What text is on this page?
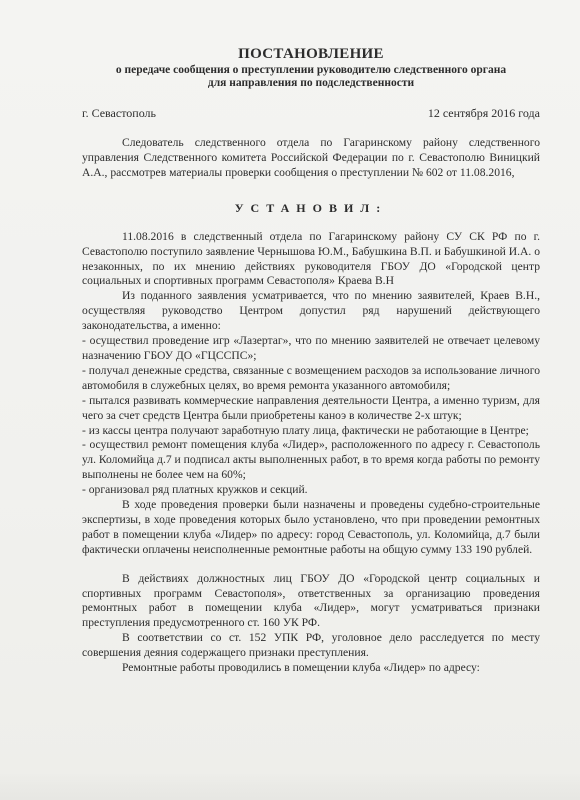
ПОСТАНОВЛЕНИЕ
о передаче сообщения о преступлении руководителю следственного органа
для направления по подследственности
г. Севастополь	12 сентября 2016 года

Следователь следственного отдела по Гагаринскому району следственного управления Следственного комитета Российской Федерации по г. Севастополю Виницкий А.А., рассмотрев материалы проверки сообщения о преступлении № 602 от 11.08.2016,

УСТАНОВИЛ:

11.08.2016 в следственный отдела по Гагаринскому району СУ СК РФ по г. Севастополю поступило заявление Чернышова Ю.М., Бабушкина В.П. и Бабушкиной И.А. о незаконных, по их мнению действиях руководителя ГБОУ ДО «Городской центр социальных и спортивных программ Севастополя» Краева В.Н

Из поданного заявления усматривается, что по мнению заявителей, Краев В.Н., осуществляя руководство Центром допустил ряд нарушений действующего законодательства, а именно:

- осуществил проведение игр «Лазертаг», что по мнению заявителей не отвечает целевому назначению ГБОУ ДО «ГЦССПС»;

- получал денежные средства, связанные с возмещением расходов за использование личного автомобиля в служебных целях, во время ремонта указанного автомобиля;

- пытался развивать коммерческие направления деятельности Центра, а именно туризм, для чего за счет средств Центра были приобретены каноэ в количестве 2-х штук;

- из кассы центра получают заработную плату лица, фактически не работающие в Центре;

- осуществил ремонт помещения клуба «Лидер», расположенного по адресу г. Севастополь ул. Коломийца д.7 и подписал акты выполненных работ, в то время когда работы по ремонту выполнены не более чем на 60%;

- организовал ряд платных кружков и секций.

В ходе проведения проверки были назначены и проведены судебно-строительные экспертизы, в ходе проведения которых было установлено, что при проведении ремонтных работ в помещении клуба «Лидер» по адресу: город Севастополь, ул. Коломийца, д.7 были фактически оплачены неисполненные ремонтные работы на общую сумму 133 190 рублей.

В действиях должностных лиц ГБОУ ДО «Городской центр социальных и спортивных программ Севастополя», ответственных за организацию проведения ремонтных работ в помещении клуба «Лидер», могут усматриваться признаки преступления предусмотренного ст. 160 УК РФ.

В соответствии со ст. 152 УПК РФ, уголовное дело расследуется по месту совершения деяния содержащего признаки преступления.

Ремонтные работы проводились в помещении клуба «Лидер» по адресу:
